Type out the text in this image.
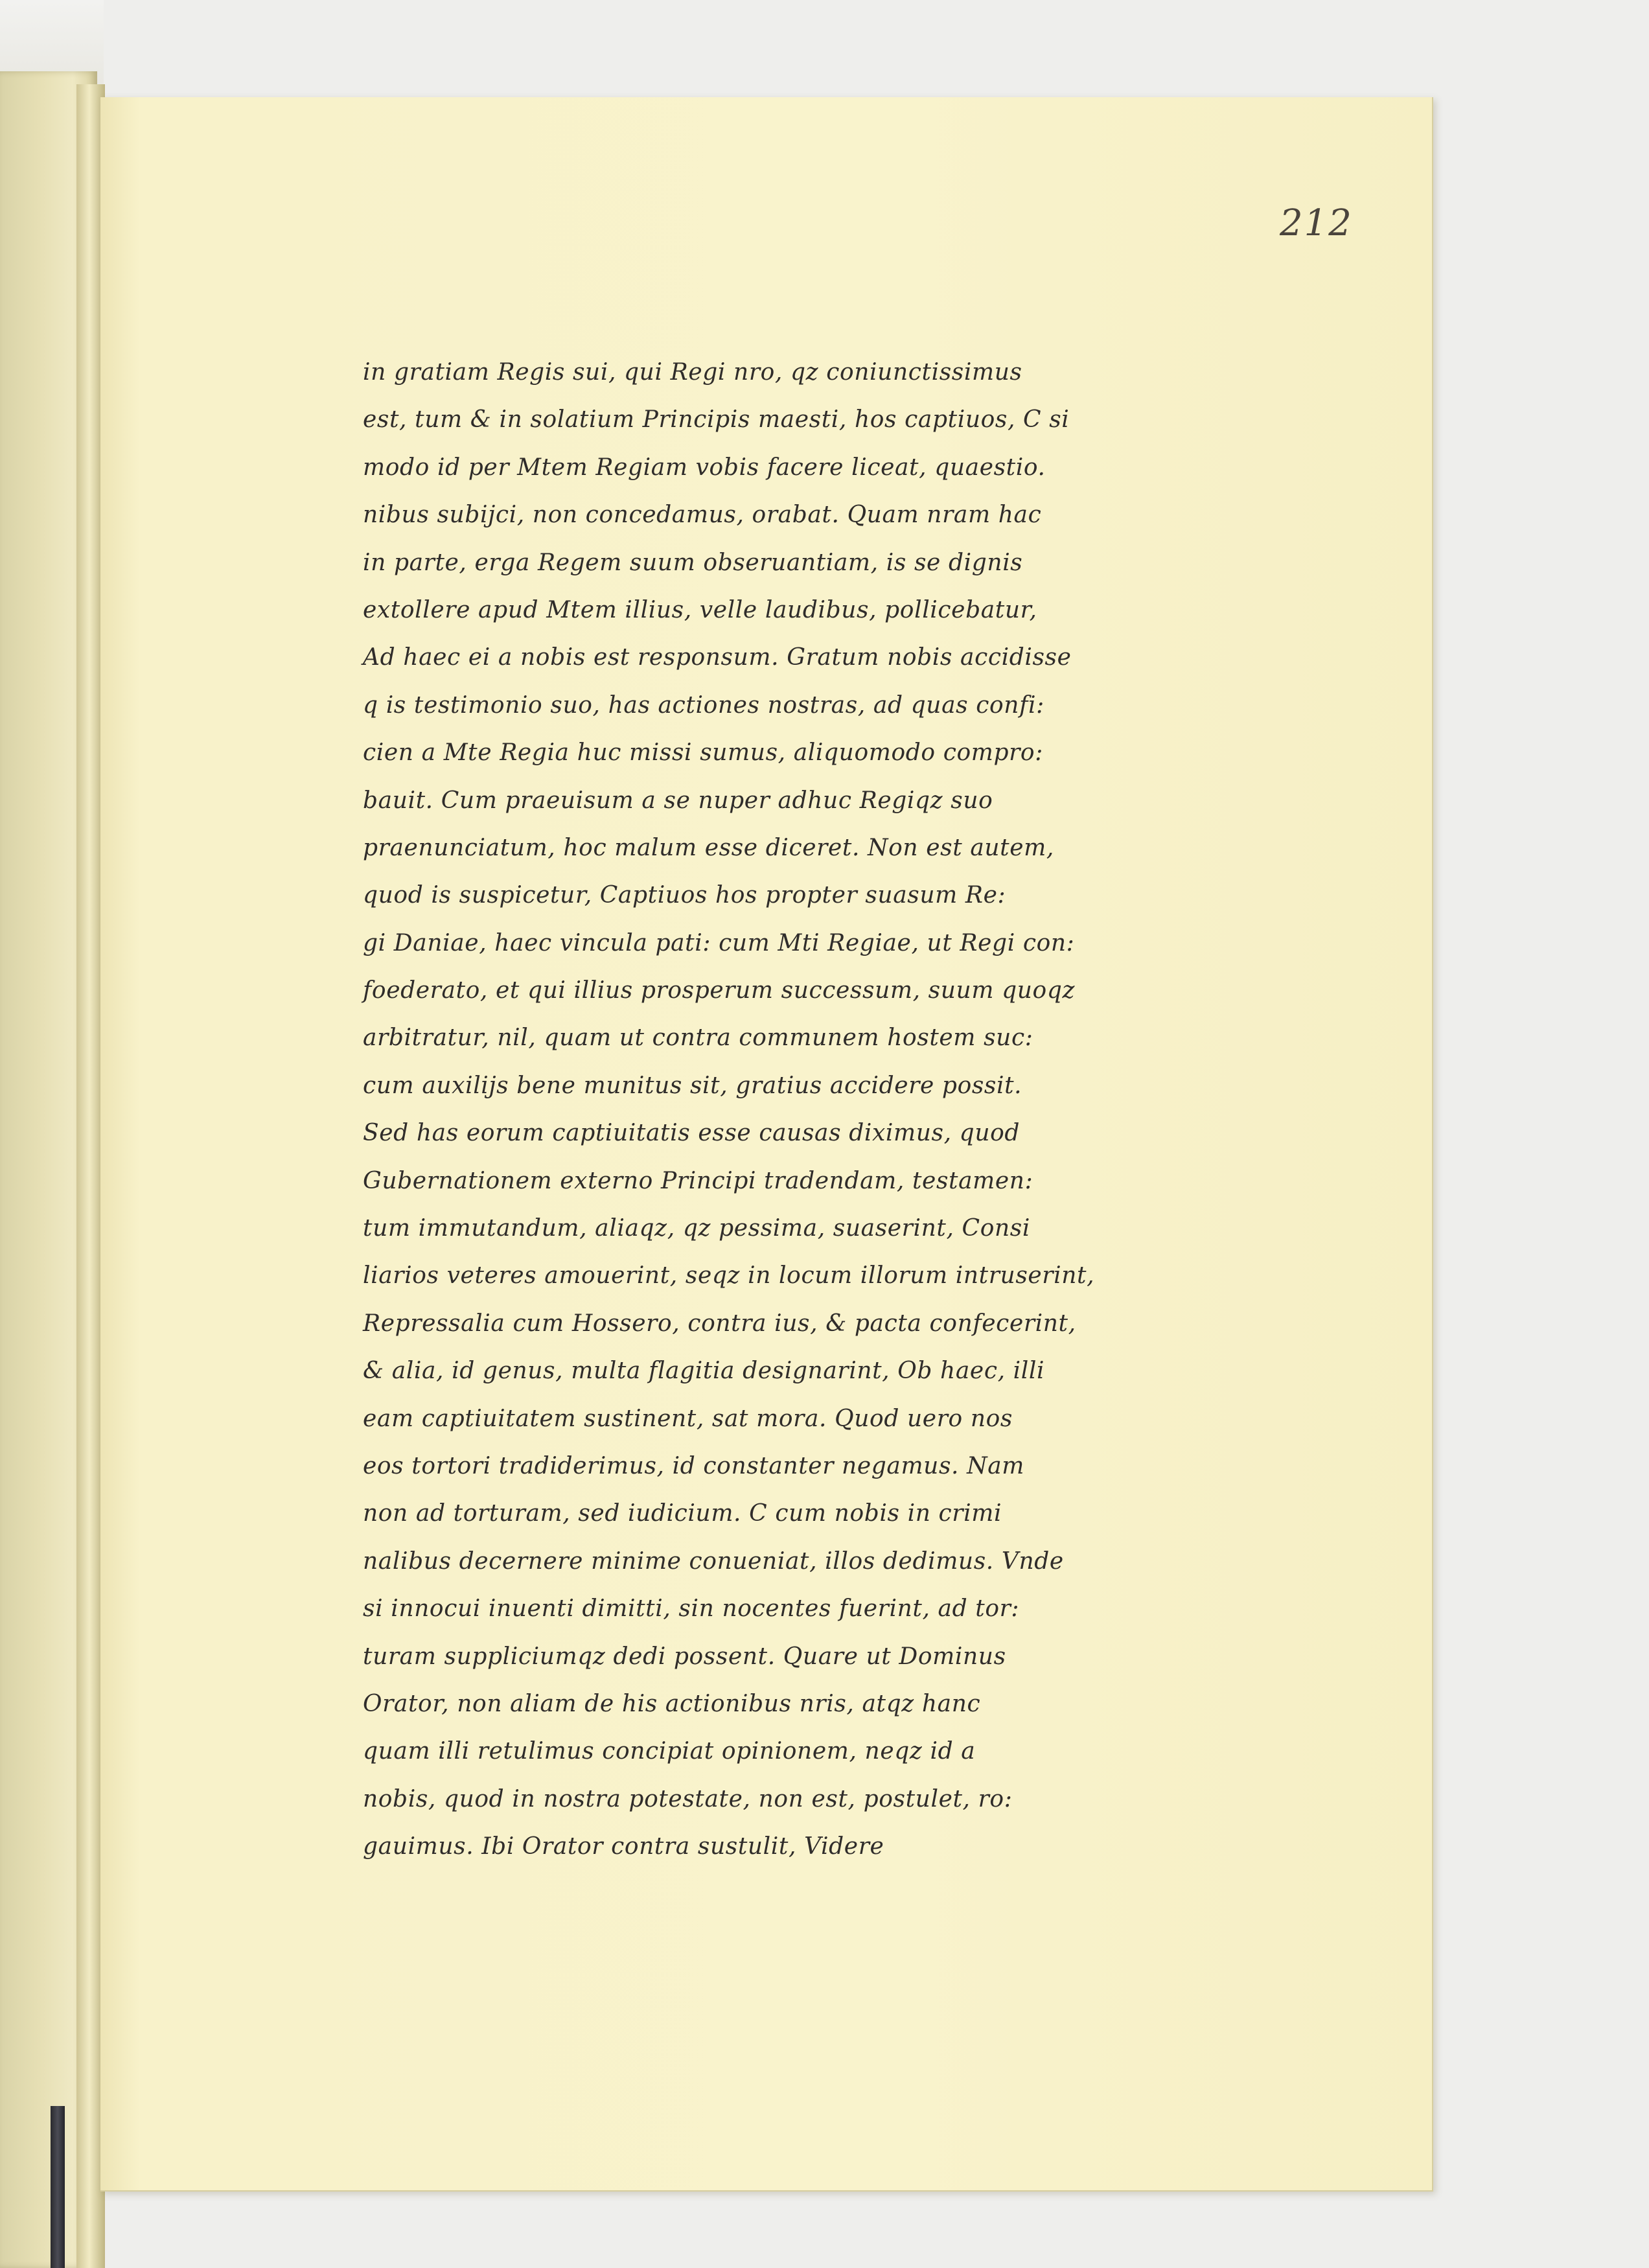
212
in gratiam Regis sui, qui Regi nro, qz coniunctissimus
est, tum & in solatium Principis maesti, hos captiuos, C si
modo id per Mtem Regiam vobis facere liceat, quaestio.
nibus subijci, non concedamus, orabat. Quam nram hac
in parte, erga Regem suum obseruantiam, is se dignis
extollere apud Mtem illius, velle laudibus, pollicebatur,
Ad haec ei a nobis est responsum. Gratum nobis accidisse
q is testimonio suo, has actiones nostras, ad quas confi:
cien a Mte Regia huc missi sumus, aliquomodo compro:
bauit. Cum praeuisum a se nuper adhuc Regiqz suo
praenunciatum, hoc malum esse diceret. Non est autem,
quod is suspicetur, Captiuos hos propter suasum Re:
gi Daniae, haec vincula pati: cum Mti Regiae, ut Regi con:
foederato, et qui illius prosperum successum, suum quoqz
arbitratur, nil, quam ut contra communem hostem suc:
cum auxilijs bene munitus sit, gratius accidere possit.
Sed has eorum captiuitatis esse causas diximus, quod
Gubernationem externo Principi tradendam, testamen:
tum immutandum, aliaqz, qz pessima, suaserint, Consi
liarios veteres amouerint, seqz in locum illorum intruserint,
Repressalia cum Hossero, contra ius, & pacta confecerint,
& alia, id genus, multa flagitia designarint, Ob haec, illi
eam captiuitatem sustinent, sat mora. Quod uero nos
eos tortori tradiderimus, id constanter negamus. Nam
non ad torturam, sed iudicium. C cum nobis in crimi
nalibus decernere minime conueniat, illos dedimus. Vnde
si innocui inuenti dimitti, sin nocentes fuerint, ad tor:
turam suppliciumqz dedi possent. Quare ut Dominus
Orator, non aliam de his actionibus nris, atqz hanc
quam illi retulimus concipiat opinionem, neqz id a
nobis, quod in nostra potestate, non est, postulet, ro:
gauimus. Ibi Orator contra sustulit, Videre
